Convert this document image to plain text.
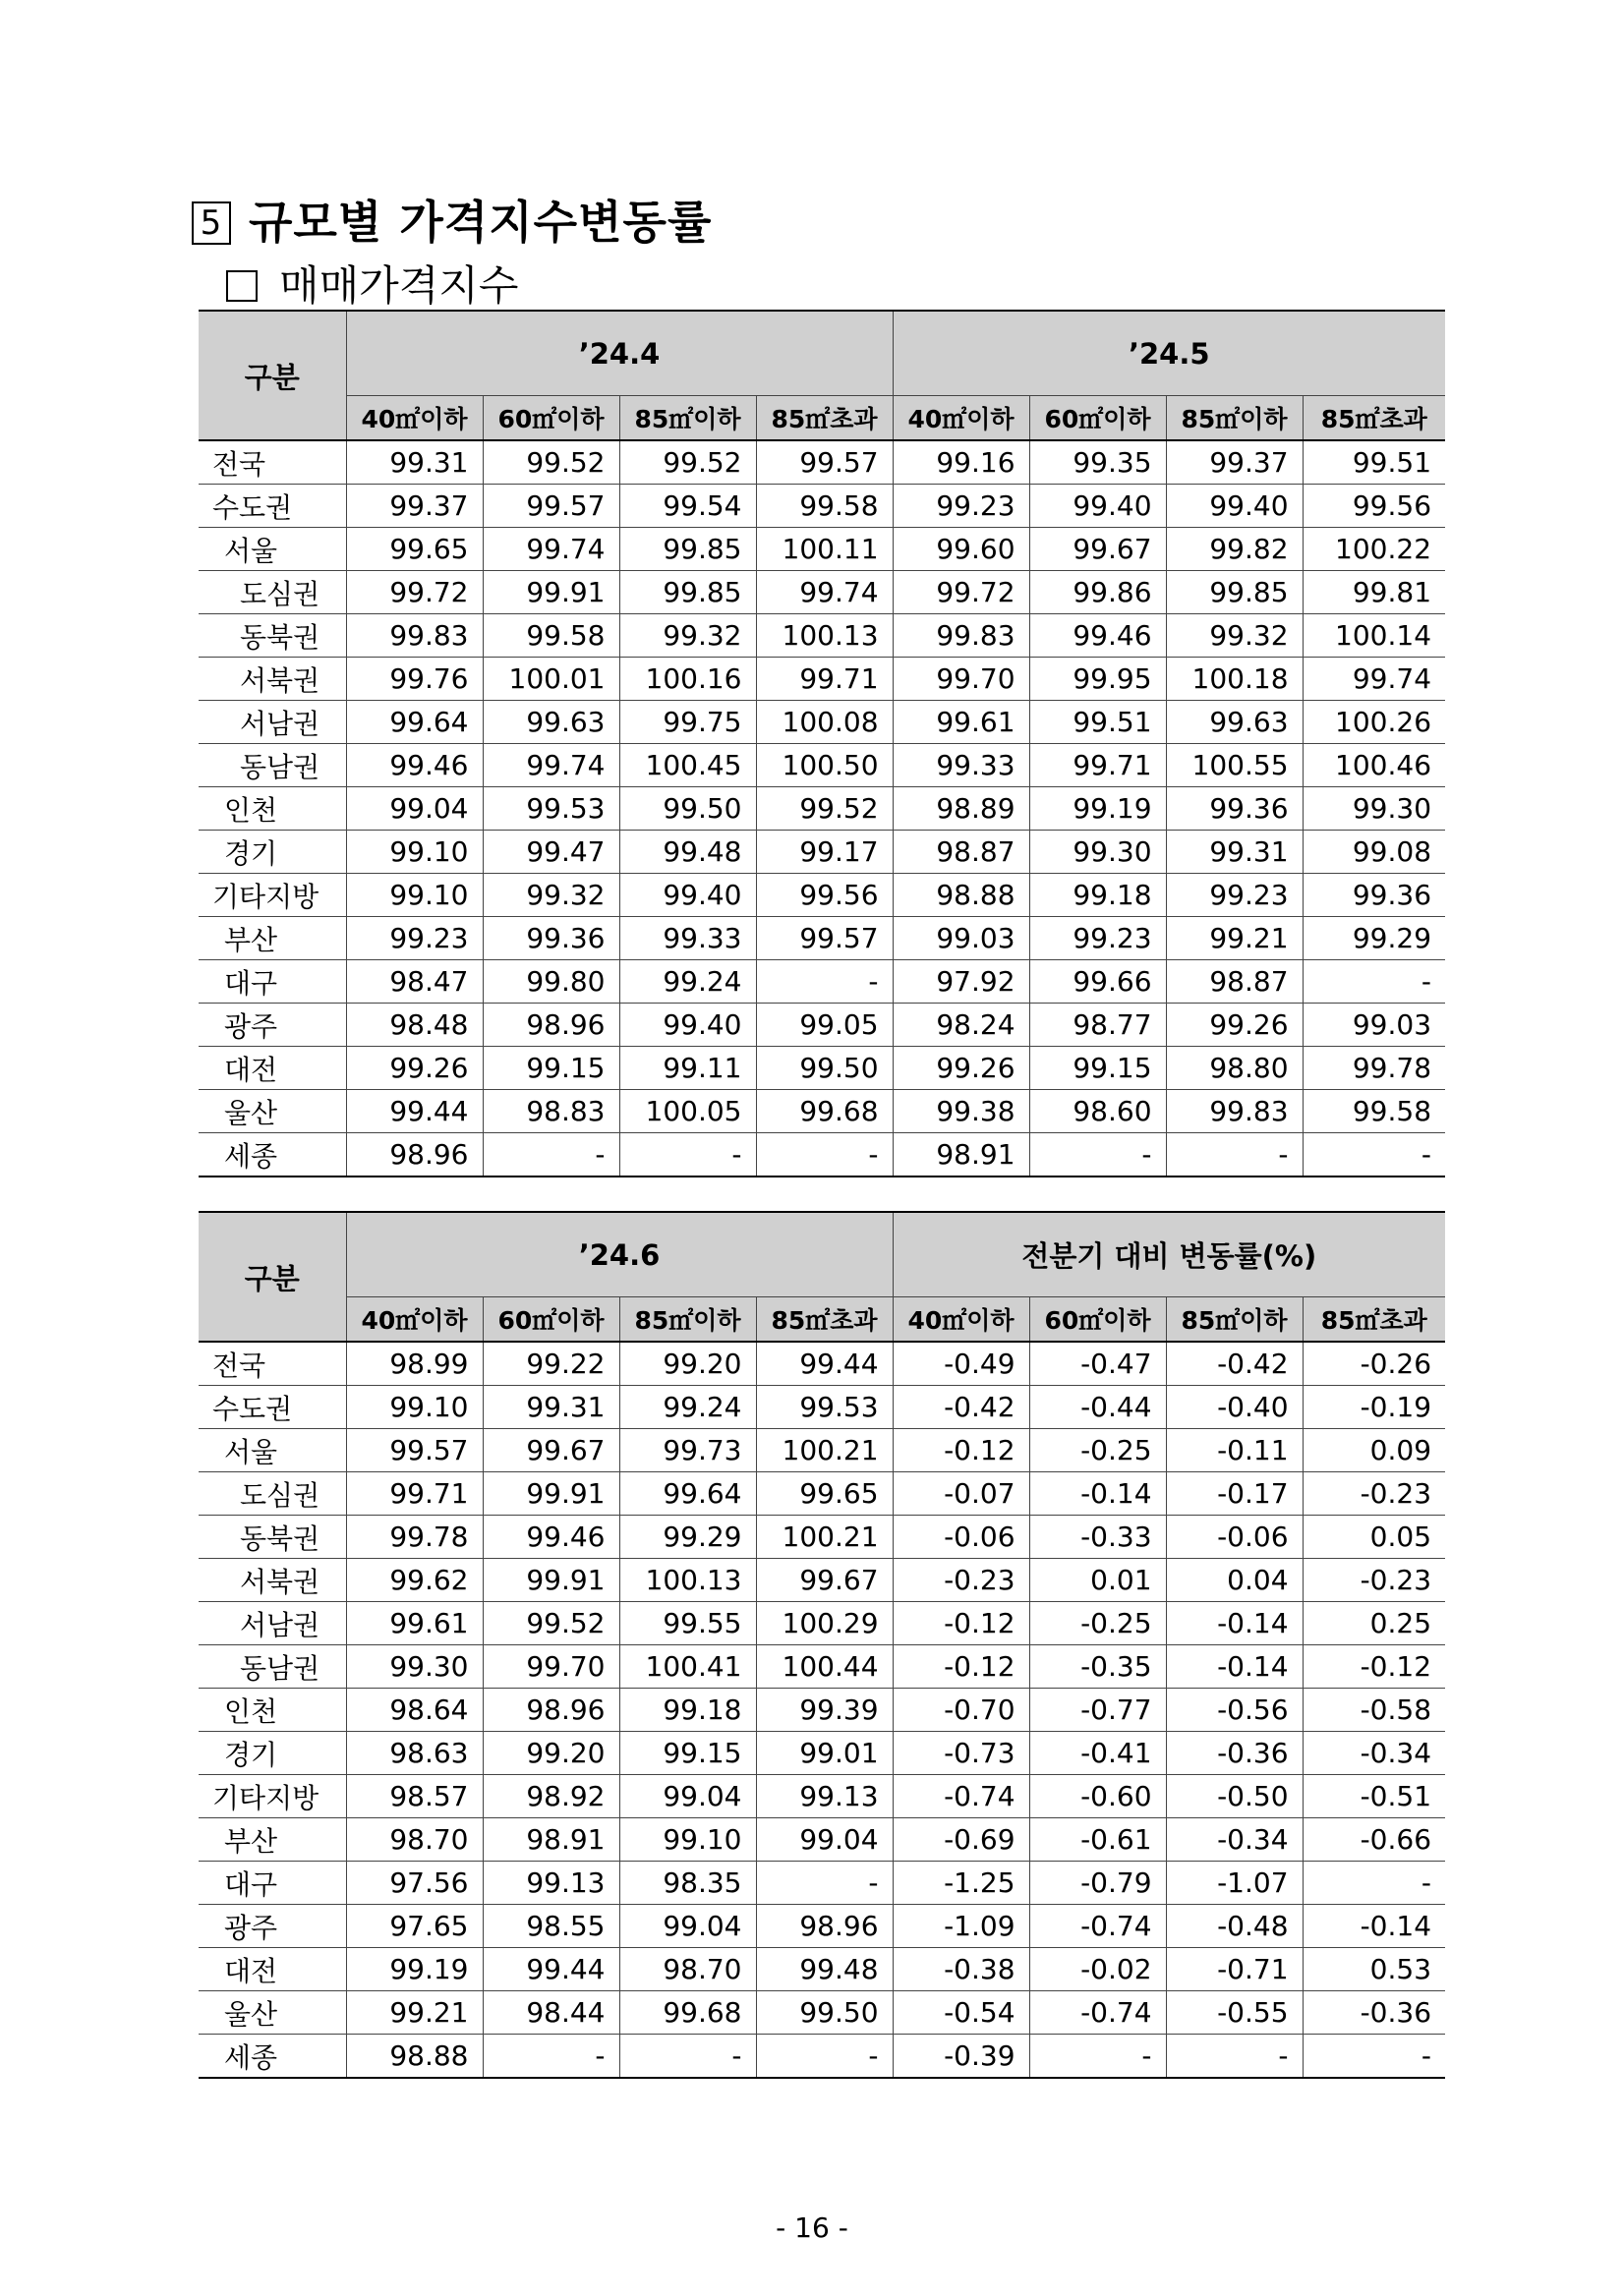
5 규모별 가격지수변동률
매매가격지수
구분	’24.4				’24.5			
	40㎡이하	60㎡이하	85㎡이하	85㎡초과	40㎡이하	60㎡이하	85㎡이하	85㎡초과
전국	99.31	99.52	99.52	99.57	99.16	99.35	99.37	99.51
수도권	99.37	99.57	99.54	99.58	99.23	99.40	99.40	99.56
서울	99.65	99.74	99.85	100.11	99.60	99.67	99.82	100.22
도심권	99.72	99.91	99.85	99.74	99.72	99.86	99.85	99.81
동북권	99.83	99.58	99.32	100.13	99.83	99.46	99.32	100.14
서북권	99.76	100.01	100.16	99.71	99.70	99.95	100.18	99.74
서남권	99.64	99.63	99.75	100.08	99.61	99.51	99.63	100.26
동남권	99.46	99.74	100.45	100.50	99.33	99.71	100.55	100.46
인천	99.04	99.53	99.50	99.52	98.89	99.19	99.36	99.30
경기	99.10	99.47	99.48	99.17	98.87	99.30	99.31	99.08
기타지방	99.10	99.32	99.40	99.56	98.88	99.18	99.23	99.36
부산	99.23	99.36	99.33	99.57	99.03	99.23	99.21	99.29
대구	98.47	99.80	99.24	-	97.92	99.66	98.87	-
광주	98.48	98.96	99.40	99.05	98.24	98.77	99.26	99.03
대전	99.26	99.15	99.11	99.50	99.26	99.15	98.80	99.78
울산	99.44	98.83	100.05	99.68	99.38	98.60	99.83	99.58
세종	98.96	-	-	-	98.91	-	-	-
구분	’24.6				전분기 대비 변동률(%)			
	40㎡이하	60㎡이하	85㎡이하	85㎡초과	40㎡이하	60㎡이하	85㎡이하	85㎡초과
전국	98.99	99.22	99.20	99.44	-0.49	-0.47	-0.42	-0.26
수도권	99.10	99.31	99.24	99.53	-0.42	-0.44	-0.40	-0.19
서울	99.57	99.67	99.73	100.21	-0.12	-0.25	-0.11	0.09
도심권	99.71	99.91	99.64	99.65	-0.07	-0.14	-0.17	-0.23
동북권	99.78	99.46	99.29	100.21	-0.06	-0.33	-0.06	0.05
서북권	99.62	99.91	100.13	99.67	-0.23	0.01	0.04	-0.23
서남권	99.61	99.52	99.55	100.29	-0.12	-0.25	-0.14	0.25
동남권	99.30	99.70	100.41	100.44	-0.12	-0.35	-0.14	-0.12
인천	98.64	98.96	99.18	99.39	-0.70	-0.77	-0.56	-0.58
경기	98.63	99.20	99.15	99.01	-0.73	-0.41	-0.36	-0.34
기타지방	98.57	98.92	99.04	99.13	-0.74	-0.60	-0.50	-0.51
부산	98.70	98.91	99.10	99.04	-0.69	-0.61	-0.34	-0.66
대구	97.56	99.13	98.35	-	-1.25	-0.79	-1.07	-
광주	97.65	98.55	99.04	98.96	-1.09	-0.74	-0.48	-0.14
대전	99.19	99.44	98.70	99.48	-0.38	-0.02	-0.71	0.53
울산	99.21	98.44	99.68	99.50	-0.54	-0.74	-0.55	-0.36
세종	98.88	-	-	-	-0.39	-	-	-
- 16 -
